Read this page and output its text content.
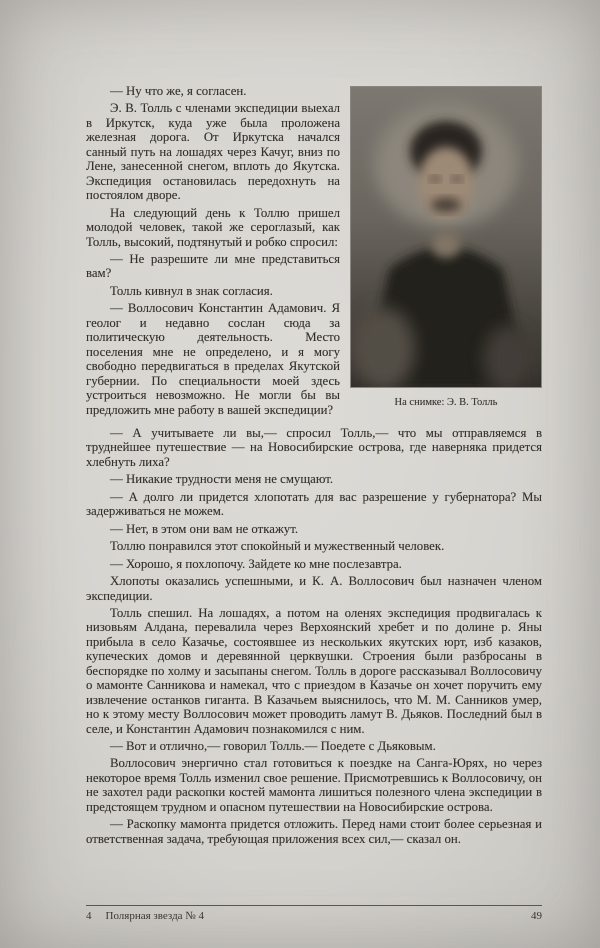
— Ну что же, я согласен.

Э. В. Толль с членами экспедиции выехал в Иркутск, куда уже была проложена железная дорога. От Иркутска начался санный путь на лошадях через Качуг, вниз по Лене, занесенной снегом, вплоть до Якутска. Экспедиция остановилась передохнуть на постоялом дворе.

На следующий день к Толлю пришел молодой человек, такой же сероглазый, как Толль, высокий, подтянутый и робко спросил:

— Не разрешите ли мне представиться вам?

Толль кивнул в знак согласия.

— Воллосович Константин Адамович. Я геолог и недавно сослан сюда за политическую деятельность. Место поселения мне не определено, и я могу свободно передвигаться в пределах Якутской губернии. По специальности моей здесь устроиться невозможно. Не могли бы вы предложить мне работу в вашей экспедиции?

На снимке: Э. В. Толль

— А учитываете ли вы,— спросил Толль,— что мы отправляемся в труднейшее путешествие — на Новосибирские острова, где наверняка придется хлебнуть лиха?

— Никакие трудности меня не смущают.

— А долго ли придется хлопотать для вас разрешение у губернатора? Мы задерживаться не можем.

— Нет, в этом они вам не откажут.

Толлю понравился этот спокойный и мужественный человек.

— Хорошо, я похлопочу. Зайдете ко мне послезавтра.

Хлопоты оказались успешными, и К. А. Воллосович был назначен членом экспедиции.

Толль спешил. На лошадях, а потом на оленях экспедиция продвигалась к низовьям Алдана, перевалила через Верхоянский хребет и по долине р. Яны прибыла в село Казачье, состоявшее из нескольких якутских юрт, изб казаков, купеческих домов и деревянной церквушки. Строения были разбросаны в беспорядке по холму и засыпаны снегом. Толль в дороге рассказывал Воллосовичу о мамонте Санникова и намекал, что с приездом в Казачье он хочет поручить ему извлечение останков гиганта. В Казачьем выяснилось, что М. М. Санников умер, но к этому месту Воллосович может проводить ламут В. Дьяков. Последний был в селе, и Константин Адамович познакомился с ним.

— Вот и отлично,— говорил Толль.— Поедете с Дьяковым.

Воллосович энергично стал готовиться к поездке на Санга-Юрях, но через некоторое время Толль изменил свое решение. Присмотревшись к Воллосовичу, он не захотел ради раскопки костей мамонта лишиться полезного члена экспедиции в предстоящем трудном и опасном путешествии на Новосибирские острова.

— Раскопку мамонта придется отложить. Перед нами стоит более серьезная и ответственная задача, требующая приложения всех сил,— сказал он.

4 Полярная звезда № 4	49
